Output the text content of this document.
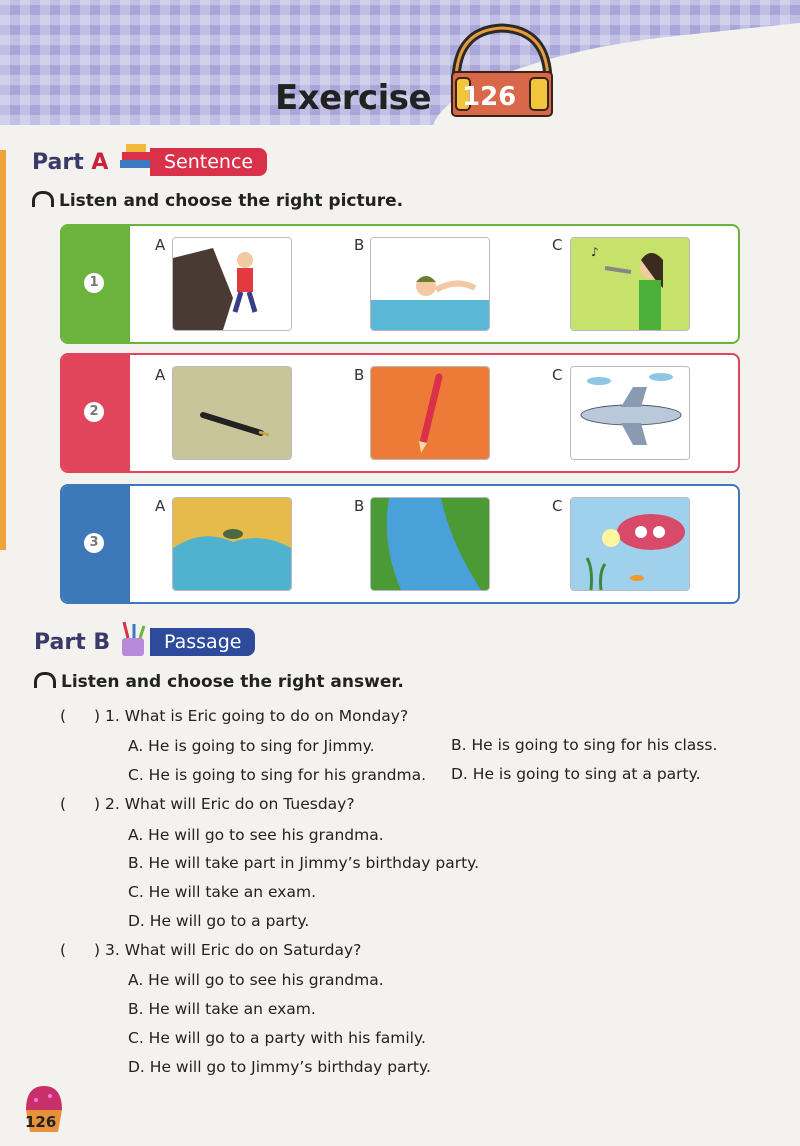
Exercise 126
Part A	Sentence
Listen and choose the right picture.
1
A	B	C ♪
2
A	B	C
3
A	B	C
Part B	Passage
Listen and choose the right answer.
( ) 1. What is Eric going to do on Monday?
A. He is going to sing for Jimmy.	B. He is going to sing for his class.
C. He is going to sing for his grandma. D. He is going to sing at a party.
( ) 2. What will Eric do on Tuesday?
A. He will go to see his grandma.
B. He will take part in Jimmy’s birthday party.
C. He will take an exam.
D. He will go to a party.
( ) 3. What will Eric do on Saturday?
A. He will go to see his grandma.
B. He will take an exam.
C. He will go to a party with his family.
D. He will go to Jimmy’s birthday party.
126
